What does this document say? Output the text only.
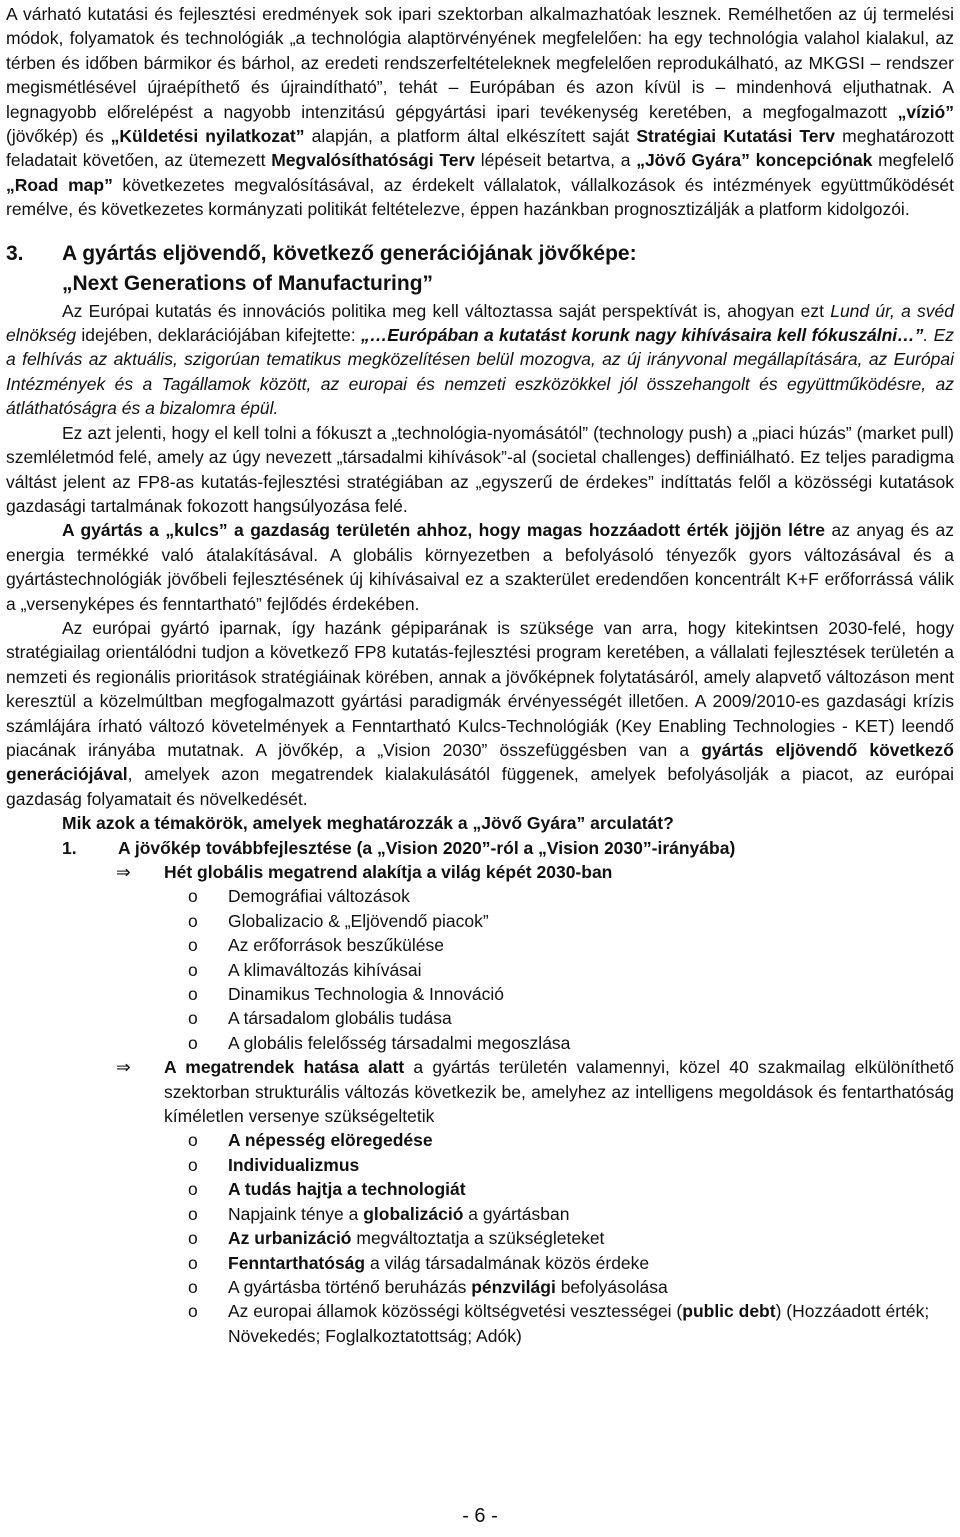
A várható kutatási és fejlesztési eredmények sok ipari szektorban alkalmazhatóak lesznek. Remélhetően az új termelési módok, folyamatok és technológiák „a technológia alaptörvényének megfelelően: ha egy technológia valahol kialakul, az térben és időben bármikor és bárhol, az eredeti rendszerfeltételeknek megfelelően reprodukálható, az MKGSI – rendszer megismétlésével újraépíthető és újraindítható”, tehát – Európában és azon kívül is – mindenhová eljuthatnak. A legnagyobb előrelépést a nagyobb intenzitású gépgyártási ipari tevékenység keretében, a megfogalmazott „vízió” (jövőkép) és „Küldetési nyilatkozat” alapján, a platform által elkészített saját Stratégiai Kutatási Terv meghatározott feladatait követően, az ütemezett Megvalósíthatósági Terv lépéseit betartva, a „Jövő Gyára” koncepciónak megfelelő „Road map” következetes megvalósításával, az érdekelt vállalatok, vállalkozások és intézmények együttműködését remélve, és következetes kormányzati politikát feltételezve, éppen hazánkban prognosztizálják a platform kidolgozói.

3. A gyártás eljövendő, következő generációjának jövőképe:
„Next Generations of Manufacturing”

Az Európai kutatás és innovációs politika meg kell változtassa saját perspektívát is, ahogyan ezt Lund úr, a svéd elnökség idejében, deklarációjában kifejtette: „…Európában a kutatást korunk nagy kihívásaira kell fókuszálni…”. Ez a felhívás az aktuális, szigorúan tematikus megközelítésen belül mozogva, az új irányvonal megállapítására, az Európai Intézmények és a Tagállamok között, az europai és nemzeti eszközökkel jól összehangolt és együttműködésre, az átláthatóságra és a bizalomra épül.

Ez azt jelenti, hogy el kell tolni a fókuszt a „technológia-nyomásától” (technology push) a „piaci húzás” (market pull) szemléletmód felé, amely az úgy nevezett „társadalmi kihívások”-al (societal challenges) deffiniálható. Ez teljes paradigma váltást jelent az FP8-as kutatás-fejlesztési stratégiában az „egyszerű de érdekes” indíttatás felől a közösségi kutatások gazdasági tartalmának fokozott hangsúlyozása felé.

A gyártás a „kulcs” a gazdaság területén ahhoz, hogy magas hozzáadott érték jöjjön létre az anyag és az energia termékké való átalakításával. A globális környezetben a befolyásoló tényezők gyors változásával és a gyártástechnológiák jövőbeli fejlesztésének új kihívásaival ez a szakterület eredendően koncentrált K+F erőforrássá válik a „versenyképes és fenntartható” fejlődés érdekében.

Az európai gyártó iparnak, így hazánk gépiparának is szüksége van arra, hogy kitekintsen 2030-felé, hogy stratégiailag orientálódni tudjon a következő FP8 kutatás-fejlesztési program keretében, a vállalati fejlesztések területén a nemzeti és regionális prioritások stratégiáinak körében, annak a jövőképnek folytatásáról, amely alapvető változáson ment keresztül a közelmúltban megfogalmazott gyártási paradigmák érvényességét illetően. A 2009/2010-es gazdasági krízis számlájára írható változó követelmények a Fenntartható Kulcs-Technológiák (Key Enabling Technologies - KET) leendő piacának irányába mutatnak. A jövőkép, a „Vision 2030” összefüggésben van a gyártás eljövendő következő generációjával, amelyek azon megatrendek kialakulásától függenek, amelyek befolyásolják a piacot, az európai gazdaság folyamatait és növelkedését.

Mik azok a témakörök, amelyek meghatározzák a „Jövő Gyára” arculatát?

1. A jövőkép továbbfejlesztése (a „Vision 2020”-ról a „Vision 2030”-irányába)

⇒	Hét globális megatrend alakítja a világ képét 2030-ban
o	Demográfiai változások
o	Globalizacio & „Eljövendő piacok”
o	Az erőforrások beszűkülése
o	A klimaváltozás kihívásai
o	Dinamikus Technologia & Innováció
o	A társadalom globális tudása
o	A globális felelősség társadalmi megoszlása
⇒	A megatrendek hatása alatt a gyártás területén valamennyi, közel 40 szakmailag elkülöníthető szektorban strukturális változás következik be, amelyhez az intelligens megoldások és fentarthatóság kíméletlen versenye szükségeltetik
o	A népesség elöregedése
o	Individualizmus
o	A tudás hajtja a technologiát
o	Napjaink tényе a globalizáció a gyártásban
o	Az urbanizáció megváltoztatja a szükségleteket
o	Fenntarthatóság a világ társadalmának közös érdeke
o	A gyártásba történő beruházás pénzvilági befolyásolása
o	Az europai államok közösségi költségvetési vesztességei (public debt) (Hozzáadott érték; Növekedés; Foglalkoztatottság; Adók)
- 6 -
